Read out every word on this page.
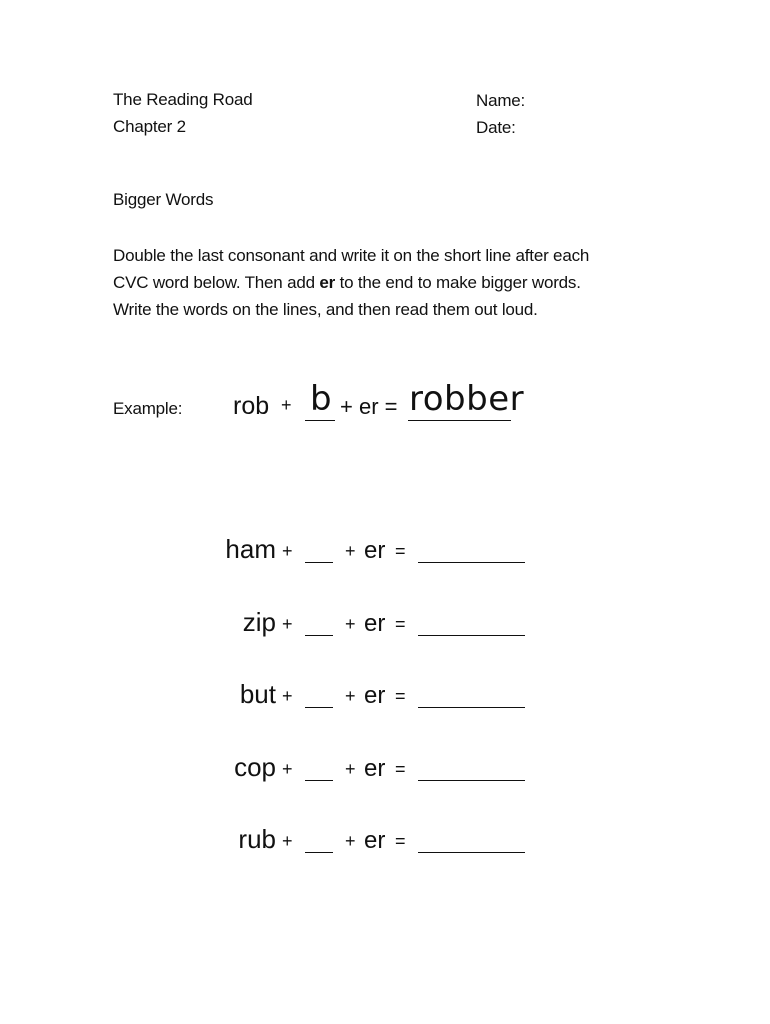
The Reading Road
Chapter 2
Name:
Date:
Bigger Words

Double the last consonant and write it on the short line after each

CVC word below. Then add er to the end to make bigger words.

Write the words on the lines, and then read them out loud.

Example: rob + b + er = robber
ham +	+ er =
zip +	+ er =
but +	+ er =
cop +	+ er =
rub +	+ er =
